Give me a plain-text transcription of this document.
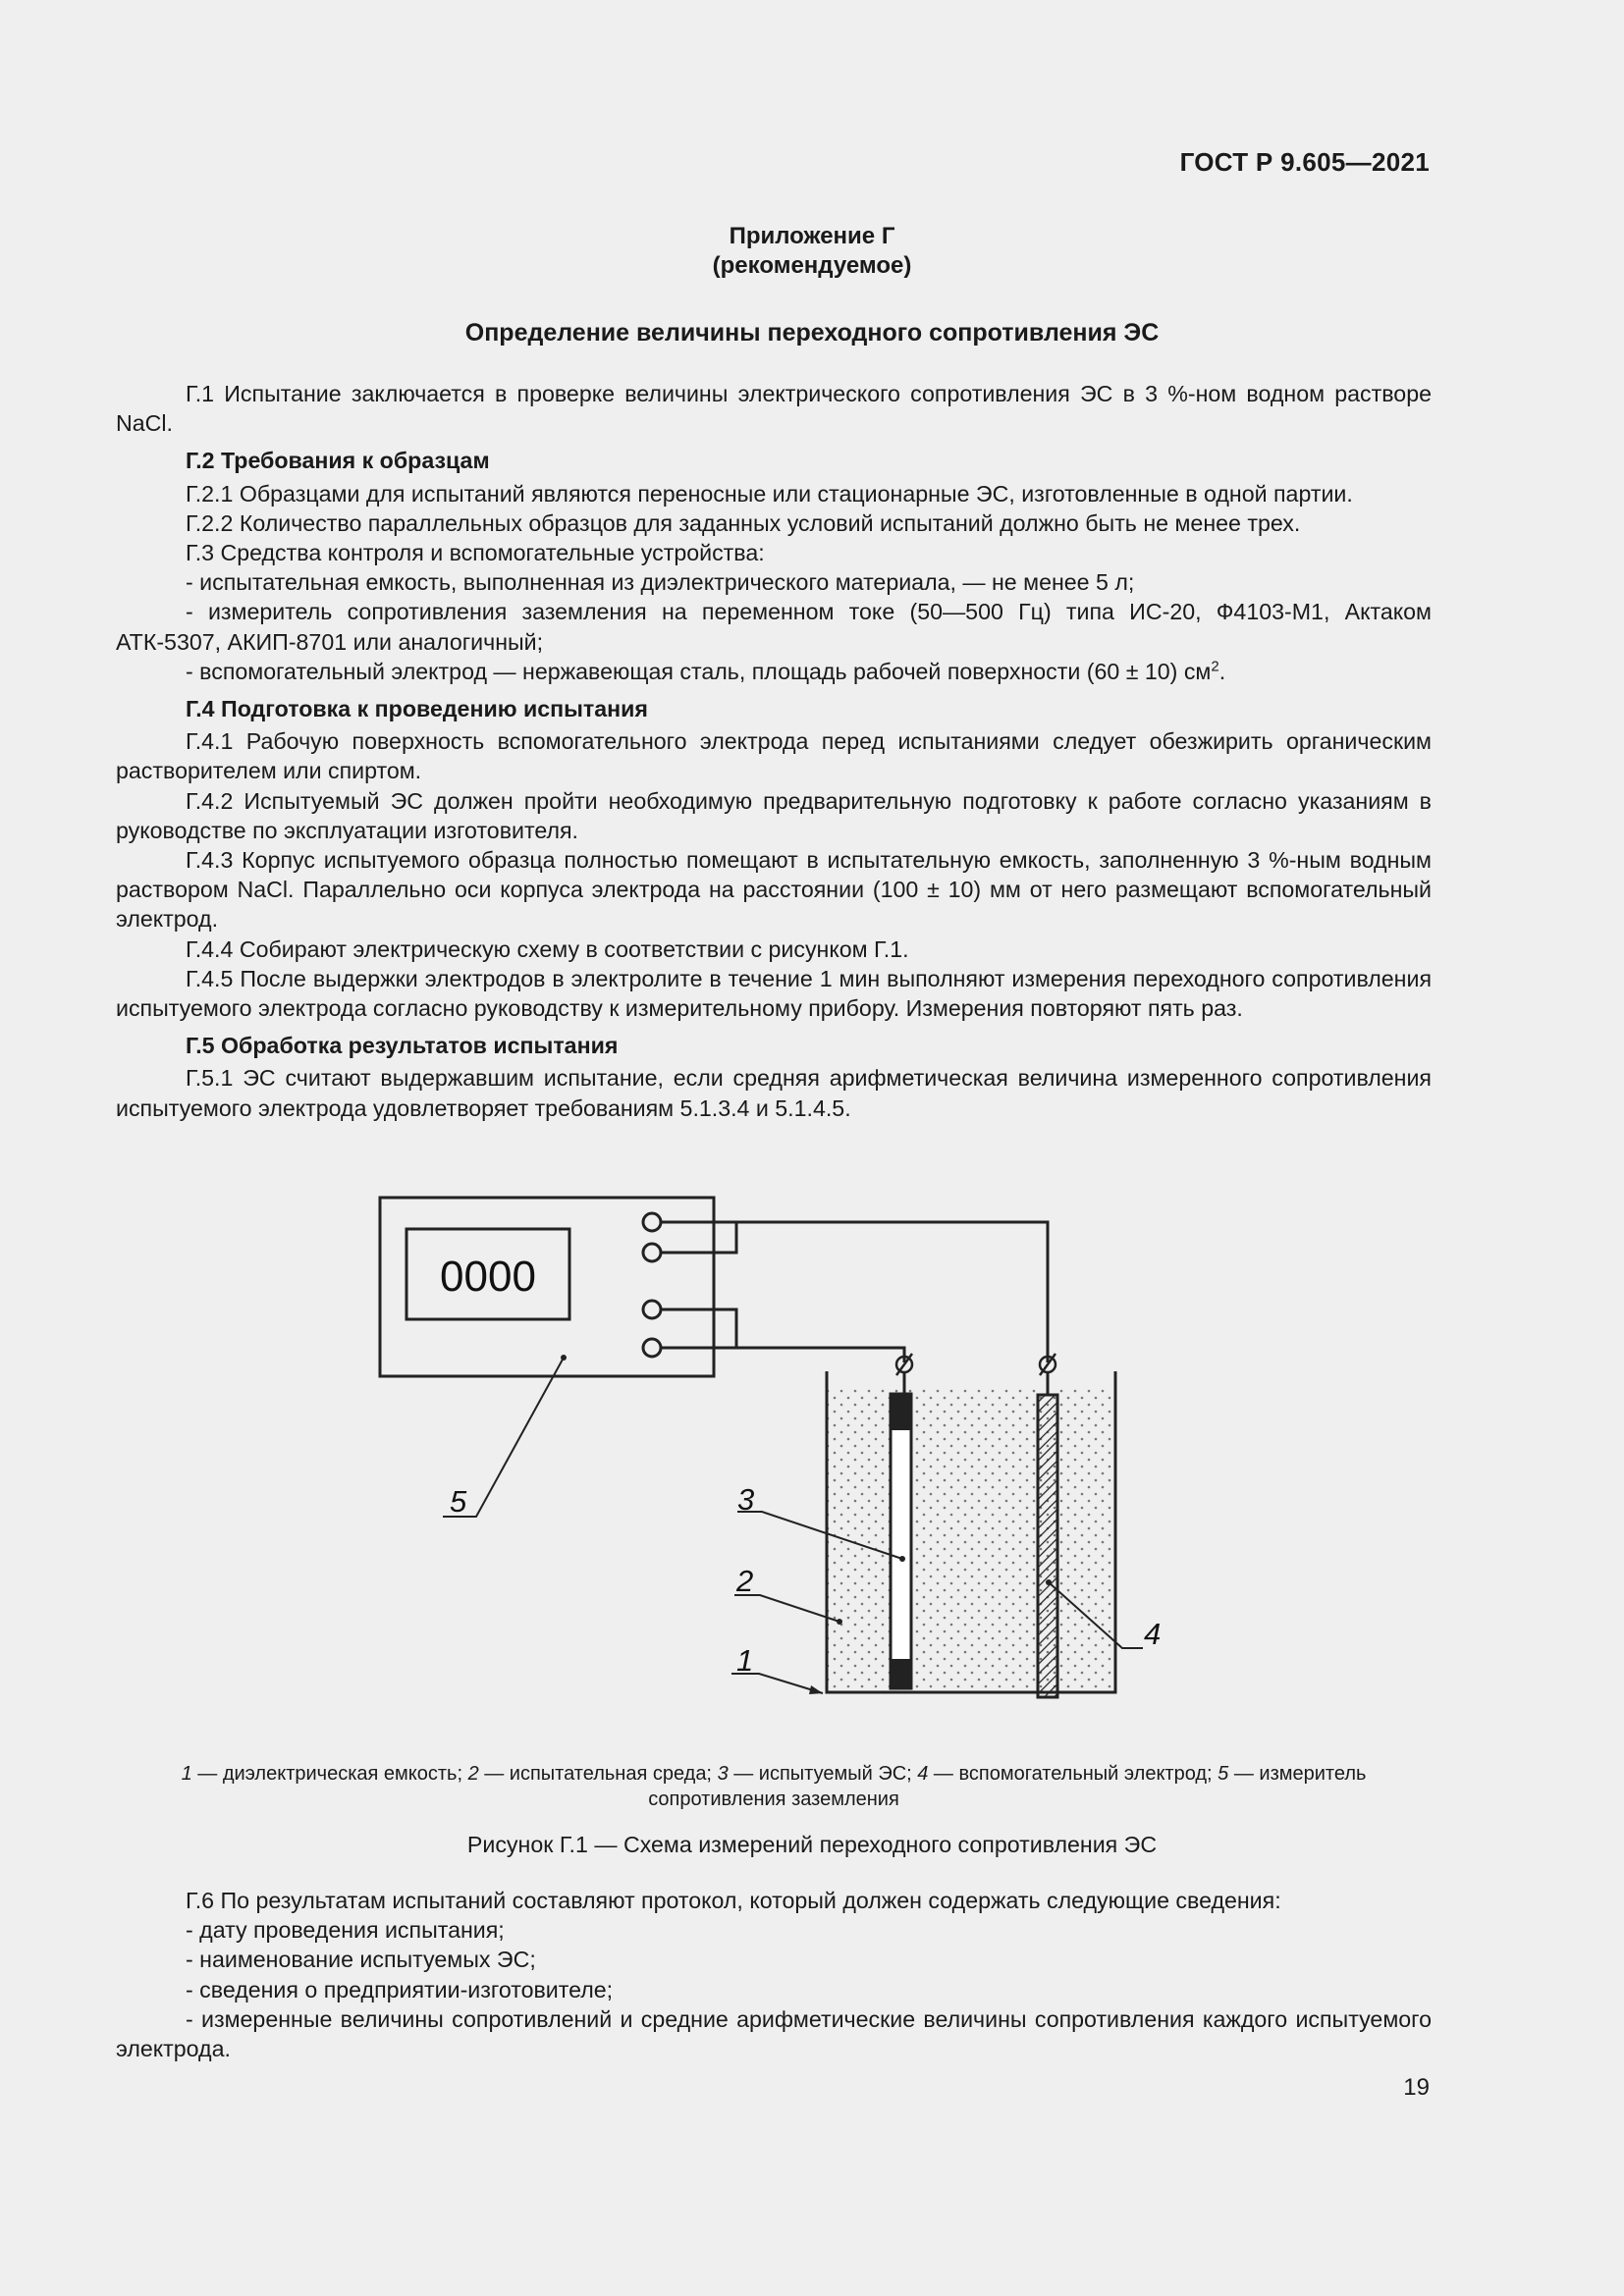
ГОСТ Р 9.605—2021
Приложение Г
(рекомендуемое)
Определение величины переходного сопротивления ЭС

Г.1 Испытание заключается в проверке величины электрического сопротивления ЭС в 3 %-ном водном растворе NaCl.

Г.2 Требования к образцам

Г.2.1 Образцами для испытаний являются переносные или стационарные ЭС, изготовленные в одной партии.

Г.2.2 Количество параллельных образцов для заданных условий испытаний должно быть не менее трех.

Г.3 Средства контроля и вспомогательные устройства:

- испытательная емкость, выполненная из диэлектрического материала, — не менее 5 л;

- измеритель сопротивления заземления на переменном токе (50—500 Гц) типа ИС-20, Ф4103-М1, Актаком АТК-5307, АКИП-8701 или аналогичный;

- вспомогательный электрод — нержавеющая сталь, площадь рабочей поверхности (60 ± 10) $см^2$.

Г.4 Подготовка к проведению испытания

Г.4.1 Рабочую поверхность вспомогательного электрода перед испытаниями следует обезжирить органическим растворителем или спиртом.

Г.4.2 Испытуемый ЭС должен пройти необходимую предварительную подготовку к работе согласно указаниям в руководстве по эксплуатации изготовителя.

Г.4.3 Корпус испытуемого образца полностью помещают в испытательную емкость, заполненную 3 %-ным водным раствором NaCl. Параллельно оси корпуса электрода на расстоянии (100 ± 10) мм от него размещают вспомогательный электрод.

Г.4.4 Собирают электрическую схему в соответствии с рисунком Г.1.

Г.4.5 После выдержки электродов в электролите в течение 1 мин выполняют измерения переходного сопротивления испытуемого электрода согласно руководству к измерительному прибору. Измерения повторяют пять раз.

Г.5 Обработка результатов испытания

Г.5.1 ЭС считают выдержавшим испытание, если средняя арифметическая величина измеренного сопротивления испытуемого электрода удовлетворяет требованиям 5.1.3.4 и 5.1.4.5.

0000
5	3
2
1
4
1 — диэлектрическая емкость; 2 — испытательная среда; 3 — испытуемый ЭС; 4 — вспомогательный электрод; 5 — измеритель сопротивления заземления
Рисунок Г.1 — Схема измерений переходного сопротивления ЭС

Г.6 По результатам испытаний составляют протокол, который должен содержать следующие сведения:

- дату проведения испытания;

- наименование испытуемых ЭС;

- сведения о предприятии-изготовителе;

- измеренные величины сопротивлений и средние арифметические величины сопротивления каждого испытуемого электрода.

19
